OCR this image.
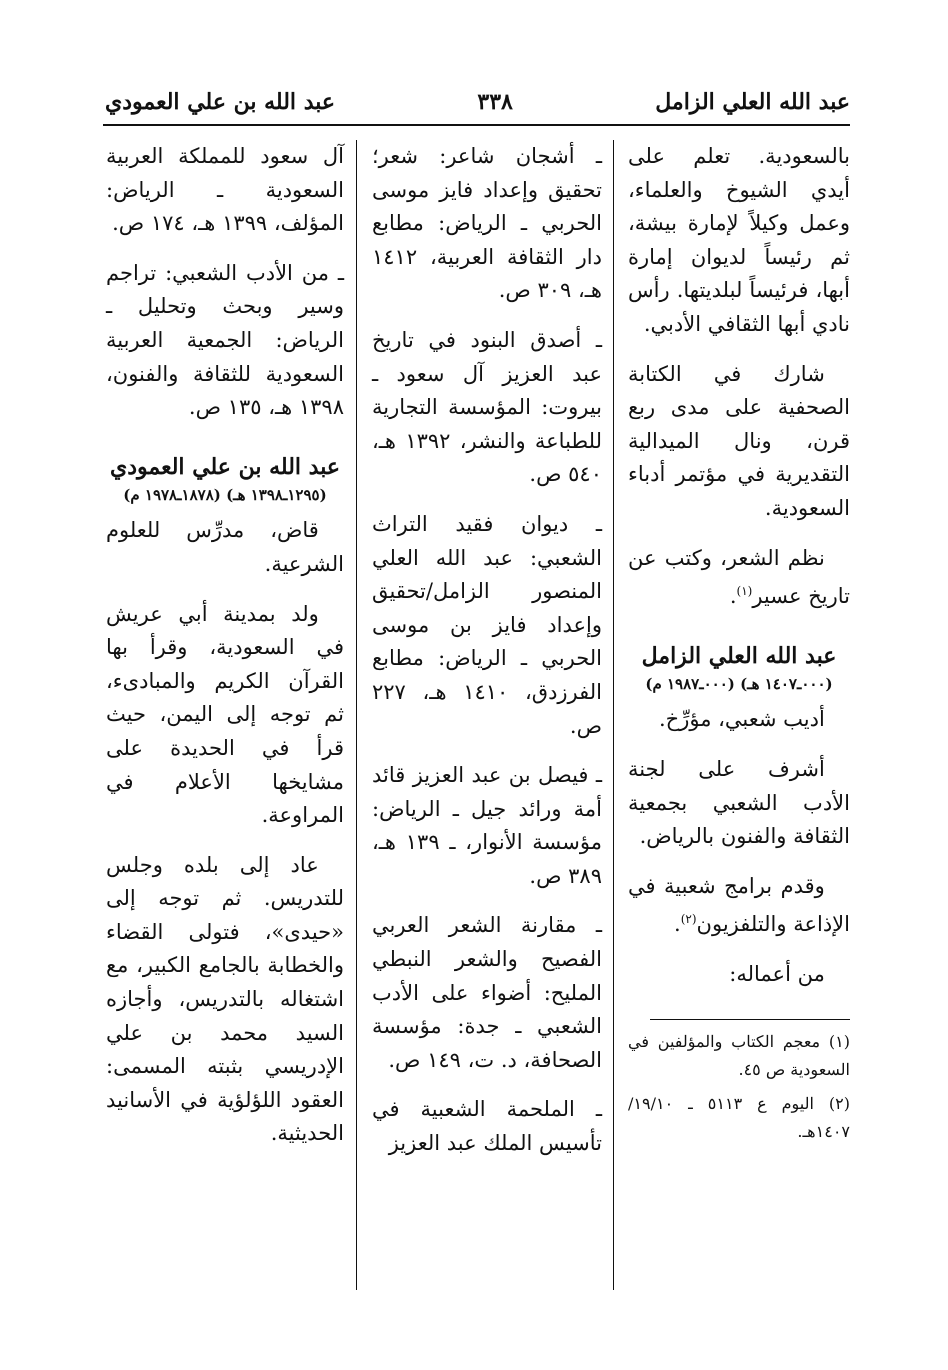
عبد الله العلي الزامل
٣٣٨
عبد الله بن علي العمودي

بالسعودية. تعلم على أيدي الشيوخ والعلماء، وعمل وكيلاً لإمارة بيشة، ثم رئيساً لديوان إمارة أبها، فرئيساً لبلديتها. رأس نادي أبها الثقافي الأدبي.

شارك في الكتابة الصحفية على مدى ربع قرن، ونال الميدالية التقديرية في مؤتمر أدباء السعودية.

نظم الشعر، وكتب عن تاريخ عسير$^{(١)}$.

عبد الله العلي الزامل
(٠٠٠ـ١٤٠٧ هـ) (٠٠٠ـ١٩٨٧ م)

أديب شعبي، مؤرِّخ.

أشرف على لجنة الأدب الشعبي بجمعية الثقافة والفنون بالرياض.

وقدم برامج شعبية في الإذاعة والتلفزيون$^{(٢)}$.

من أعماله:

(١) معجم الكتاب والمؤلفين في السعودية ص ٤٥.
(٢) اليوم ع ٥١١٣ ـ ١٩/١٠/ ١٤٠٧هـ.

ـ أشجان شاعر: شعر؛ تحقيق وإعداد فايز موسى الحربي ـ الرياض: مطابع دار الثقافة العربية، ١٤١٢ هـ، ٣٠٩ ص.

ـ أصدق البنود في تاريخ عبد العزيز آل سعود ـ بيروت: المؤسسة التجارية للطباعة والنشر، ١٣٩٢ هـ، ٥٤٠ ص.

ـ ديوان فقيد التراث الشعبي: عبد الله العلي المنصور الزامل/تحقيق وإعداد فايز بن موسى الحربي ـ الرياض: مطابع الفرزدق، ١٤١٠ هـ، ٢٢٧ ص.

ـ فيصل بن عبد العزيز قائد أمة ورائد جيل ـ الرياض: مؤسسة الأنوار، ـ ١٣٩ هـ، ٣٨٩ ص.

ـ مقارنة الشعر العربي الفصيح والشعر النبطي المليح: أضواء على الأدب الشعبي ـ جدة: مؤسسة الصحافة، د. ت، ١٤٩ ص.

ـ الملحمة الشعبية في تأسيس الملك عبد العزيز

آل سعود للمملكة العربية السعودية ـ الرياض: المؤلف، ١٣٩٩ هـ، ١٧٤ ص.

ـ من الأدب الشعبي: تراجم وسير وبحث وتحليل ـ الرياض: الجمعية العربية السعودية للثقافة والفنون، ١٣٩٨ هـ، ١٣٥ ص.

عبد الله بن علي العمودي
(١٢٩٥ـ١٣٩٨ هـ) (١٨٧٨ـ١٩٧٨ م)

قاض، مدرِّس للعلوم الشرعية.

ولد بمدينة أبي عريش في السعودية، وقرأ بها القرآن الكريم والمبادىء، ثم توجه إلى اليمن، حيث قرأ في الحديدة على مشايخها الأعلام في المراوعة.

عاد إلى بلده وجلس للتدريس. ثم توجه إلى «حيدى»، فتولى القضاء والخطابة بالجامع الكبير، مع اشتغاله بالتدريس، وأجازه السيد محمد بن علي الإدريسي بثبته المسمى: العقود اللؤلؤية في الأسانيد الحديثية.
